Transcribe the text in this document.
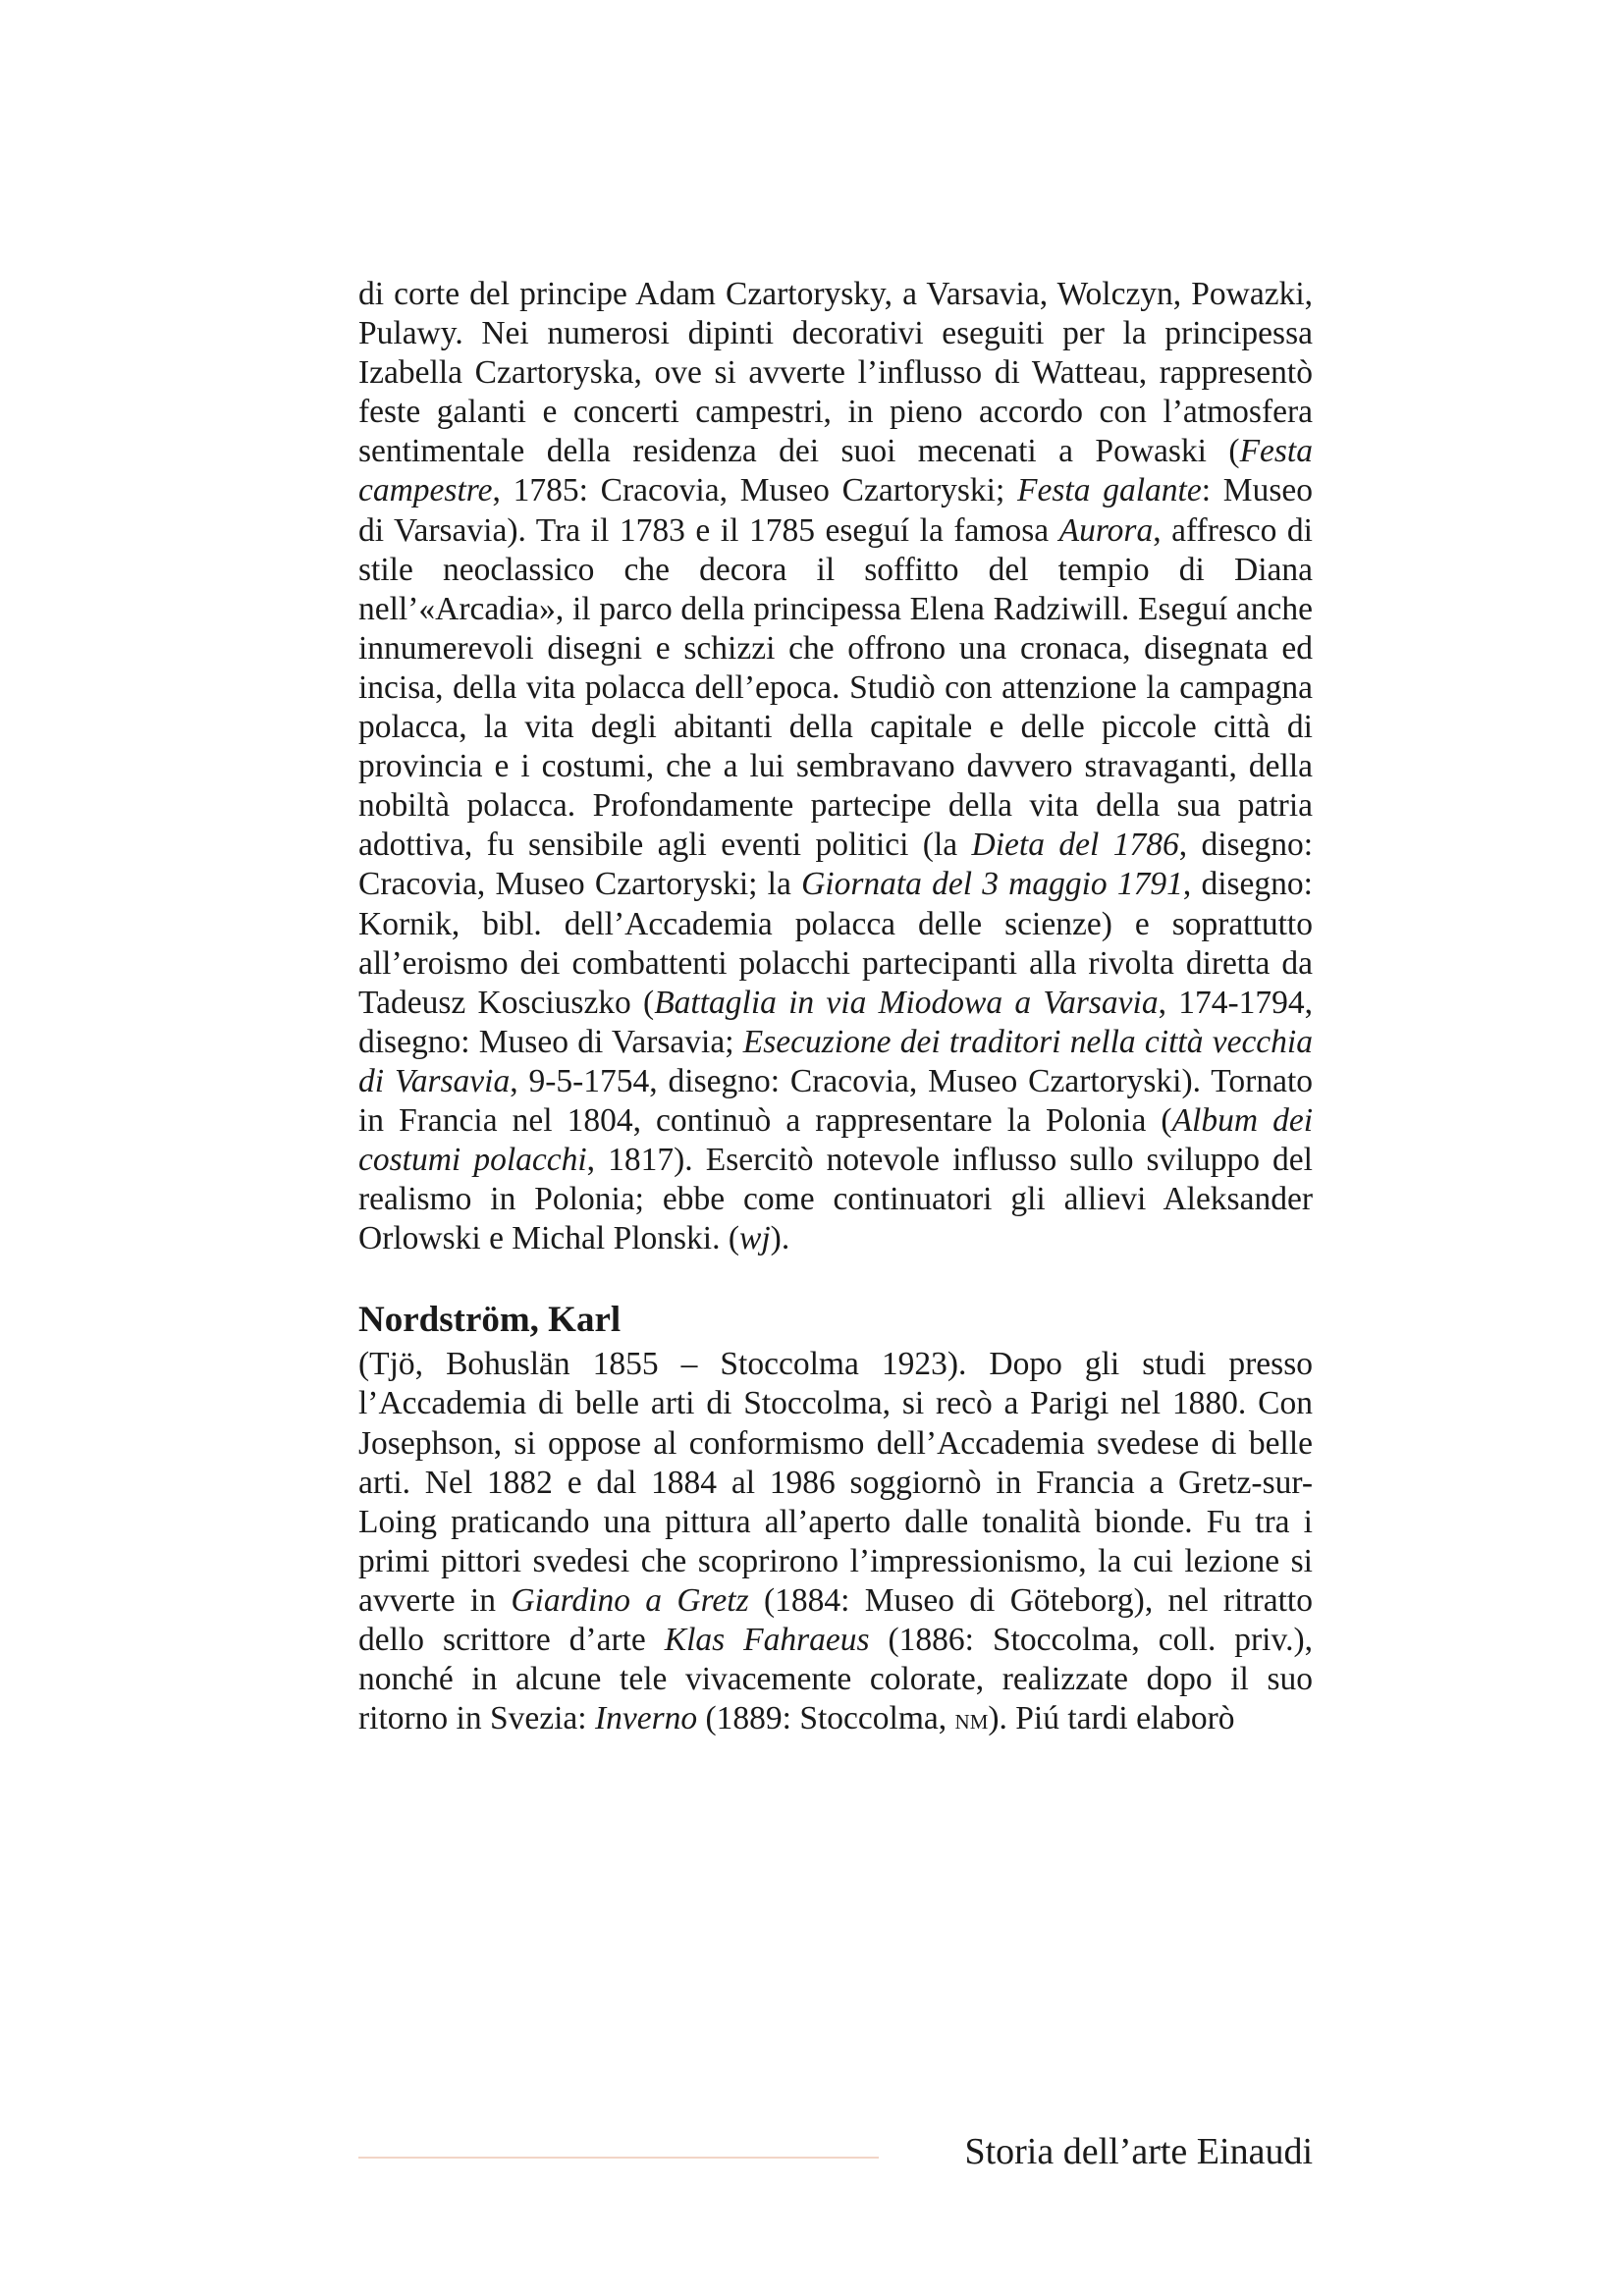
di corte del principe Adam Czartorysky, a Varsavia, Wolczyn, Powazki, Pulawy. Nei numerosi dipinti decorativi eseguiti per la principessa Izabella Czartoryska, ove si avverte l’influsso di Watteau, rappresentò feste galanti e concerti campestri, in pieno accordo con l’atmosfera sentimentale della residenza dei suoi mecenati a Powaski (Festa campestre, 1785: Cracovia, Museo Czartoryski; Festa galante: Museo di Varsavia). Tra il 1783 e il 1785 eseguí la famosa Aurora, affresco di stile neoclassico che decora il soffitto del tempio di Diana nell’«Arcadia», il parco della principessa Elena Radziwill. Eseguí anche innumerevoli disegni e schizzi che offrono una cronaca, disegnata ed incisa, della vita polacca dell’epoca. Studiò con attenzione la campagna polacca, la vita degli abitanti della capitale e delle piccole città di provincia e i costumi, che a lui sembravano davvero stravaganti, della nobiltà polacca. Profondamente partecipe della vita della sua patria adottiva, fu sensibile agli eventi politici (la Dieta del 1786, disegno: Cracovia, Museo Czartoryski; la Giornata del 3 maggio 1791, disegno: Kornik, bibl. dell’Accademia polacca delle scienze) e soprattutto all’eroismo dei combattenti polacchi partecipanti alla rivolta diretta da Tadeusz Kosciuszko (Battaglia in via Miodowa a Varsavia, 174-1794, disegno: Museo di Varsavia; Esecuzione dei traditori nella città vecchia di Varsavia, 9-5-1754, disegno: Cracovia, Museo Czartoryski). Tornato in Francia nel 1804, continuò a rappresentare la Polonia (Album dei costumi polacchi, 1817). Esercitò notevole influsso sullo sviluppo del realismo in Polonia; ebbe come continuatori gli allievi Aleksander Orlowski e Michal Plonski. (wj).

Nordström, Karl

(Tjö, Bohuslän 1855 – Stoccolma 1923). Dopo gli studi presso l’Accademia di belle arti di Stoccolma, si recò a Parigi nel 1880. Con Josephson, si oppose al conformismo dell’Accademia svedese di belle arti. Nel 1882 e dal 1884 al 1986 soggiornò in Francia a Gretz-sur-Loing praticando una pittura all’aperto dalle tonalità bionde. Fu tra i primi pittori svedesi che scoprirono l’impressionismo, la cui lezione si avverte in Giardino a Gretz (1884: Museo di Göteborg), nel ritratto dello scrittore d’arte Klas Fahraeus (1886: Stoccolma, coll. priv.), nonché in alcune tele vivacemente colorate, realizzate dopo il suo ritorno in Svezia: Inverno (1889: Stoccolma, nm). Piú tardi elaborò

Storia dell’arte Einaudi
